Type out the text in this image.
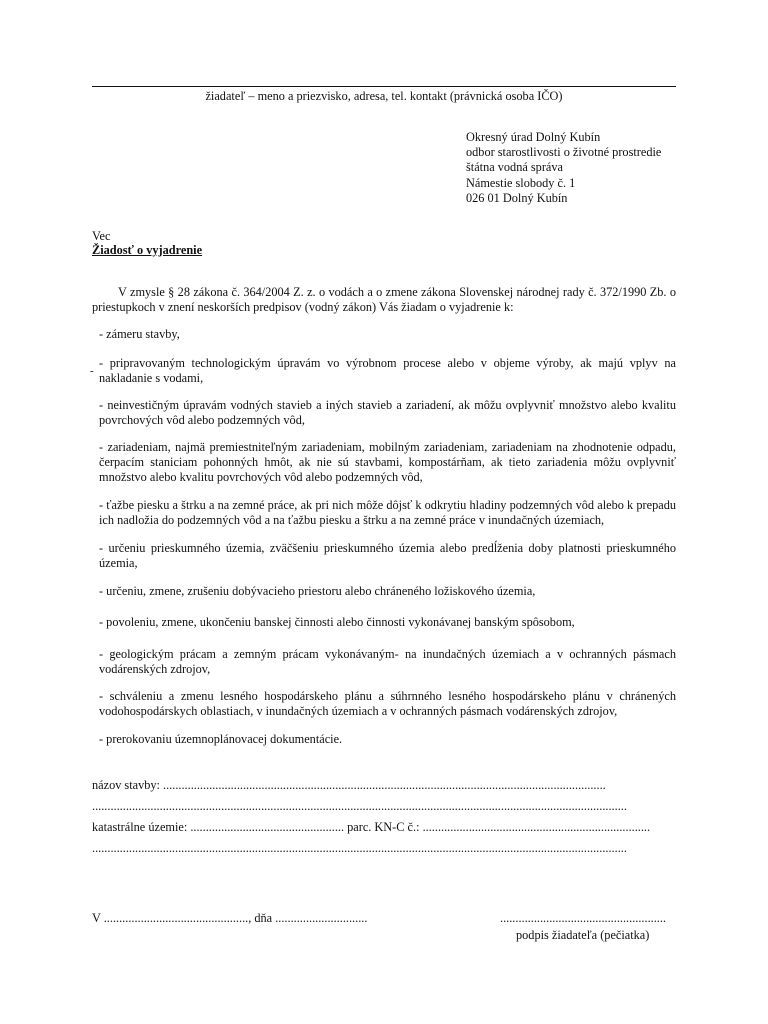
žiadateľ – meno a priezvisko, adresa, tel. kontakt (právnická osoba IČO)
Okresný úrad Dolný Kubín
odbor starostlivosti o životné prostredie
štátna vodná správa
Námestie slobody č. 1
026 01 Dolný Kubín
Vec
Žiadosť o vyjadrenie
V zmysle § 28 zákona č. 364/2004 Z. z. o vodách a o zmene zákona Slovenskej národnej rady č. 372/1990 Zb. o priestupkoch v znení neskorších predpisov (vodný zákon) Vás žiadam o vyjadrenie k:
-
- zámeru stavby,
- pripravovaným technologickým úpravám vo výrobnom procese alebo v objeme výroby, ak majú vplyv na nakladanie s vodami,
- neinvestičným úpravám vodných stavieb a iných stavieb a zariadení, ak môžu ovplyvniť množstvo alebo kvalitu povrchových vôd alebo podzemných vôd,
- zariadeniam, najmä premiestniteľným zariadeniam, mobilným zariadeniam, zariadeniam na zhodnotenie odpadu, čerpacím staniciam pohonných hmôt, ak nie sú stavbami, kompostárňam, ak tieto zariadenia môžu ovplyvniť množstvo alebo kvalitu povrchových vôd alebo podzemných vôd,
- ťažbe piesku a štrku a na zemné práce, ak pri nich môže dôjsť k odkrytiu hladiny podzemných vôd alebo k prepadu ich nadložia do podzemných vôd a na ťažbu piesku a štrku a na zemné práce v inundačných územiach,
- určeniu prieskumného územia, zväčšeniu prieskumného územia alebo predĺženia doby platnosti prieskumného územia,
- určeniu, zmene, zrušeniu dobývacieho priestoru alebo chráneného ložiskového územia,
- povoleniu, zmene, ukončeniu banskej činnosti alebo činnosti vykonávanej banským spôsobom,
- geologickým prácam a zemným prácam vykonávaným- na inundačných územiach a v ochranných pásmach vodárenských zdrojov,
- schváleniu a zmenu lesného hospodárskeho plánu a súhrnného lesného hospodárskeho plánu v chránených vodohospodárskych oblastiach, v inundačných územiach a v ochranných pásmach vodárenských zdrojov,
- prerokovaniu územnoplánovacej dokumentácie.
názov stavby: ................................................................................................................................................
..............................................................................................................................................................................
katastrálne územie: .................................................. parc. KN-C č.: ..........................................................................
..............................................................................................................................................................................
V ..............................................., dňa ..............................	......................................................
podpis žiadateľa (pečiatka)
